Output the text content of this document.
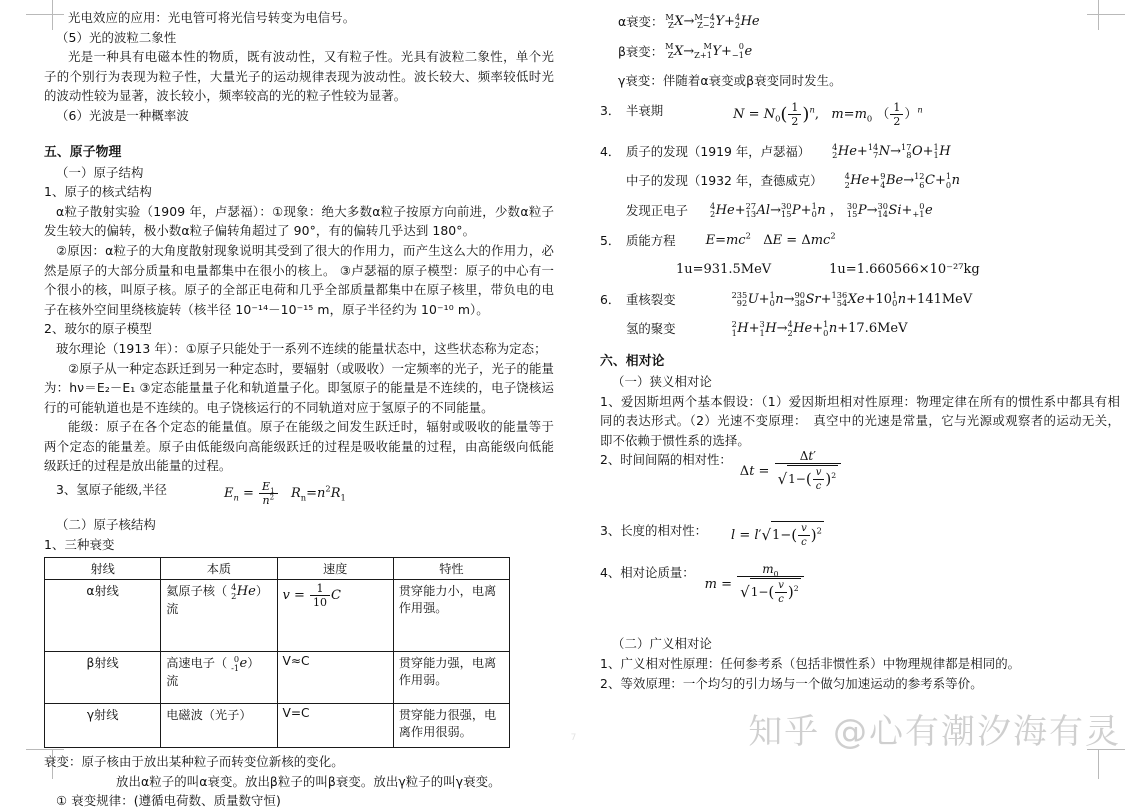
光电效应的应用：光电管可将光信号转变为电信号。

（5）光的波粒二象性

光是一种具有电磁本性的物质，既有波动性，又有粒子性。光具有波粒二象性，单个光子的个别行为表现为粒子性，大量光子的运动规律表现为波动性。波长较大、频率较低时光的波动性较为显著，波长较小，频率较高的光的粒子性较为显著。

（6）光波是一种概率波

五、原子物理

（一）原子结构

1、原子的核式结构

α粒子散射实验（1909 年，卢瑟福）：①现象：绝大多数α粒子按原方向前进，少数α粒子发生较大的偏转，极小数α粒子偏转角超过了 90°，有的偏转几乎达到 180°。

②原因：α粒子的大角度散射现象说明其受到了很大的作用力，而产生这么大的作用力，必然是原子的大部分质量和电量都集中在很小的核上。 ③卢瑟福的原子模型：原子的中心有一个很小的核，叫原子核。原子的全部正电荷和几乎全部质量都集中在原子核里，带负电的电子在核外空间里绕核旋转（核半径 10⁻¹⁴－10⁻¹⁵ m，原子半径约为 10⁻¹⁰ m）。

2、玻尔的原子模型

玻尔理论（1913 年）：①原子只能处于一系列不连续的能量状态中，这些状态称为定态；

②原子从一种定态跃迁到另一种定态时，要辐射（或吸收）一定频率的光子，光子的能量为：hν＝E₂－E₁ ③定态能量量子化和轨道量子化。即氢原子的能量是不连续的，电子饶核运行的可能轨道也是不连续的。电子饶核运行的不同轨道对应于氢原子的不同能量。

能级：原子在各个定态的能量值。原子在能级之间发生跃迁时，辐射或吸收的能量等于两个定态的能量差。原子由低能级向高能级跃迁的过程是吸收能量的过程，由高能级向低能级跃迁的过程是放出能量的过程。

3、氢原子能级,半径	$E_n = \frac{E_1}{n^2} R_n=n^2R_1$

（二）原子核结构

1、三种衰变

射线	本质	速度	特性
α射线	氦原子核（ 4
2 He）流	$v = \frac{1}{10}$ C	贯穿能力小，电离作用强。
β射线	高速电子（ 0
-1 e）流	V≈C	贯穿能力强，电离作用弱。
γ射线	电磁波（光子）	V=C	贯穿能力很强，电离作用很弱。

衰变：原子核由于放出某种粒子而转变位新核的变化。

放出α粒子的叫α衰变。放出β粒子的叫β衰变。放出γ粒子的叫γ衰变。

① 衰变规律：(遵循电荷数、质量数守恒)

α衰变： M
Z X→ M−4
Z−2 Y+ 4
2 He
β衰变： M
Z X→	M
Z+1 Y+ 0
−1 e

γ衰变：伴随着α衰变或β衰变同时发生。

3． 半衰期	$N = N_0( \frac{1}{2} )^n$,   $m=m_0$ （ $\frac{1}{2} )^n$
4． 质子的发现（1919 年，卢瑟福）	4
2 He+ 14
7 N→ 17
8 O+ 1
1 H
中子的发现（1932 年，查德威克）	4
2 He+ 9
4 Be→ 12
6 C+ 1
0 n
发现正电子	4
2 He+ 27
13 Al→ 30
15 P+ 1
0 n ， 30
15 P→ 30
14 Si+ 0
+1 e
5． 质能方程 $E=mc^2$   ΔE = Δmc$^2$
1u=931.5MeV	1u=1.660566×10⁻²⁷kg
6． 重核裂变	235
92 U+ 1
0 n→ 90
38 Sr+ 136
54 Xe+10 1
0 n+141MeV
氢的聚变	2
1 H+ 3
1 H→ 4
2 He+ 1
0 n+17.6MeV

六、相对论

（一）狭义相对论

1、爱因斯坦两个基本假设：（1）爱因斯坦相对性原理：物理定律在所有的惯性系中都具有相同的表达形式。（2）光速不变原理：　真空中的光速是常量，它与光源或观察者的运动无关，即不依赖于惯性系的选择。

2、时间间隔的相对性：
$\Delta t = \frac{\Delta t'}{√1-( \frac{v}{c} )^2}$
3、长度的相对性： $l = l'√1-( \frac{v}{c} )^2$
4、相对论质量：
$m = \frac{m_0}{√1-( \frac{v}{c} )^2}$

（二）广义相对论

1、广义相对性原理：任何参考系（包括非惯性系）中物理规律都是相同的。

2、等效原理：一个均匀的引力场与一个做匀加速运动的参考系等价。

7	知乎 @心有潮汐海有灵
